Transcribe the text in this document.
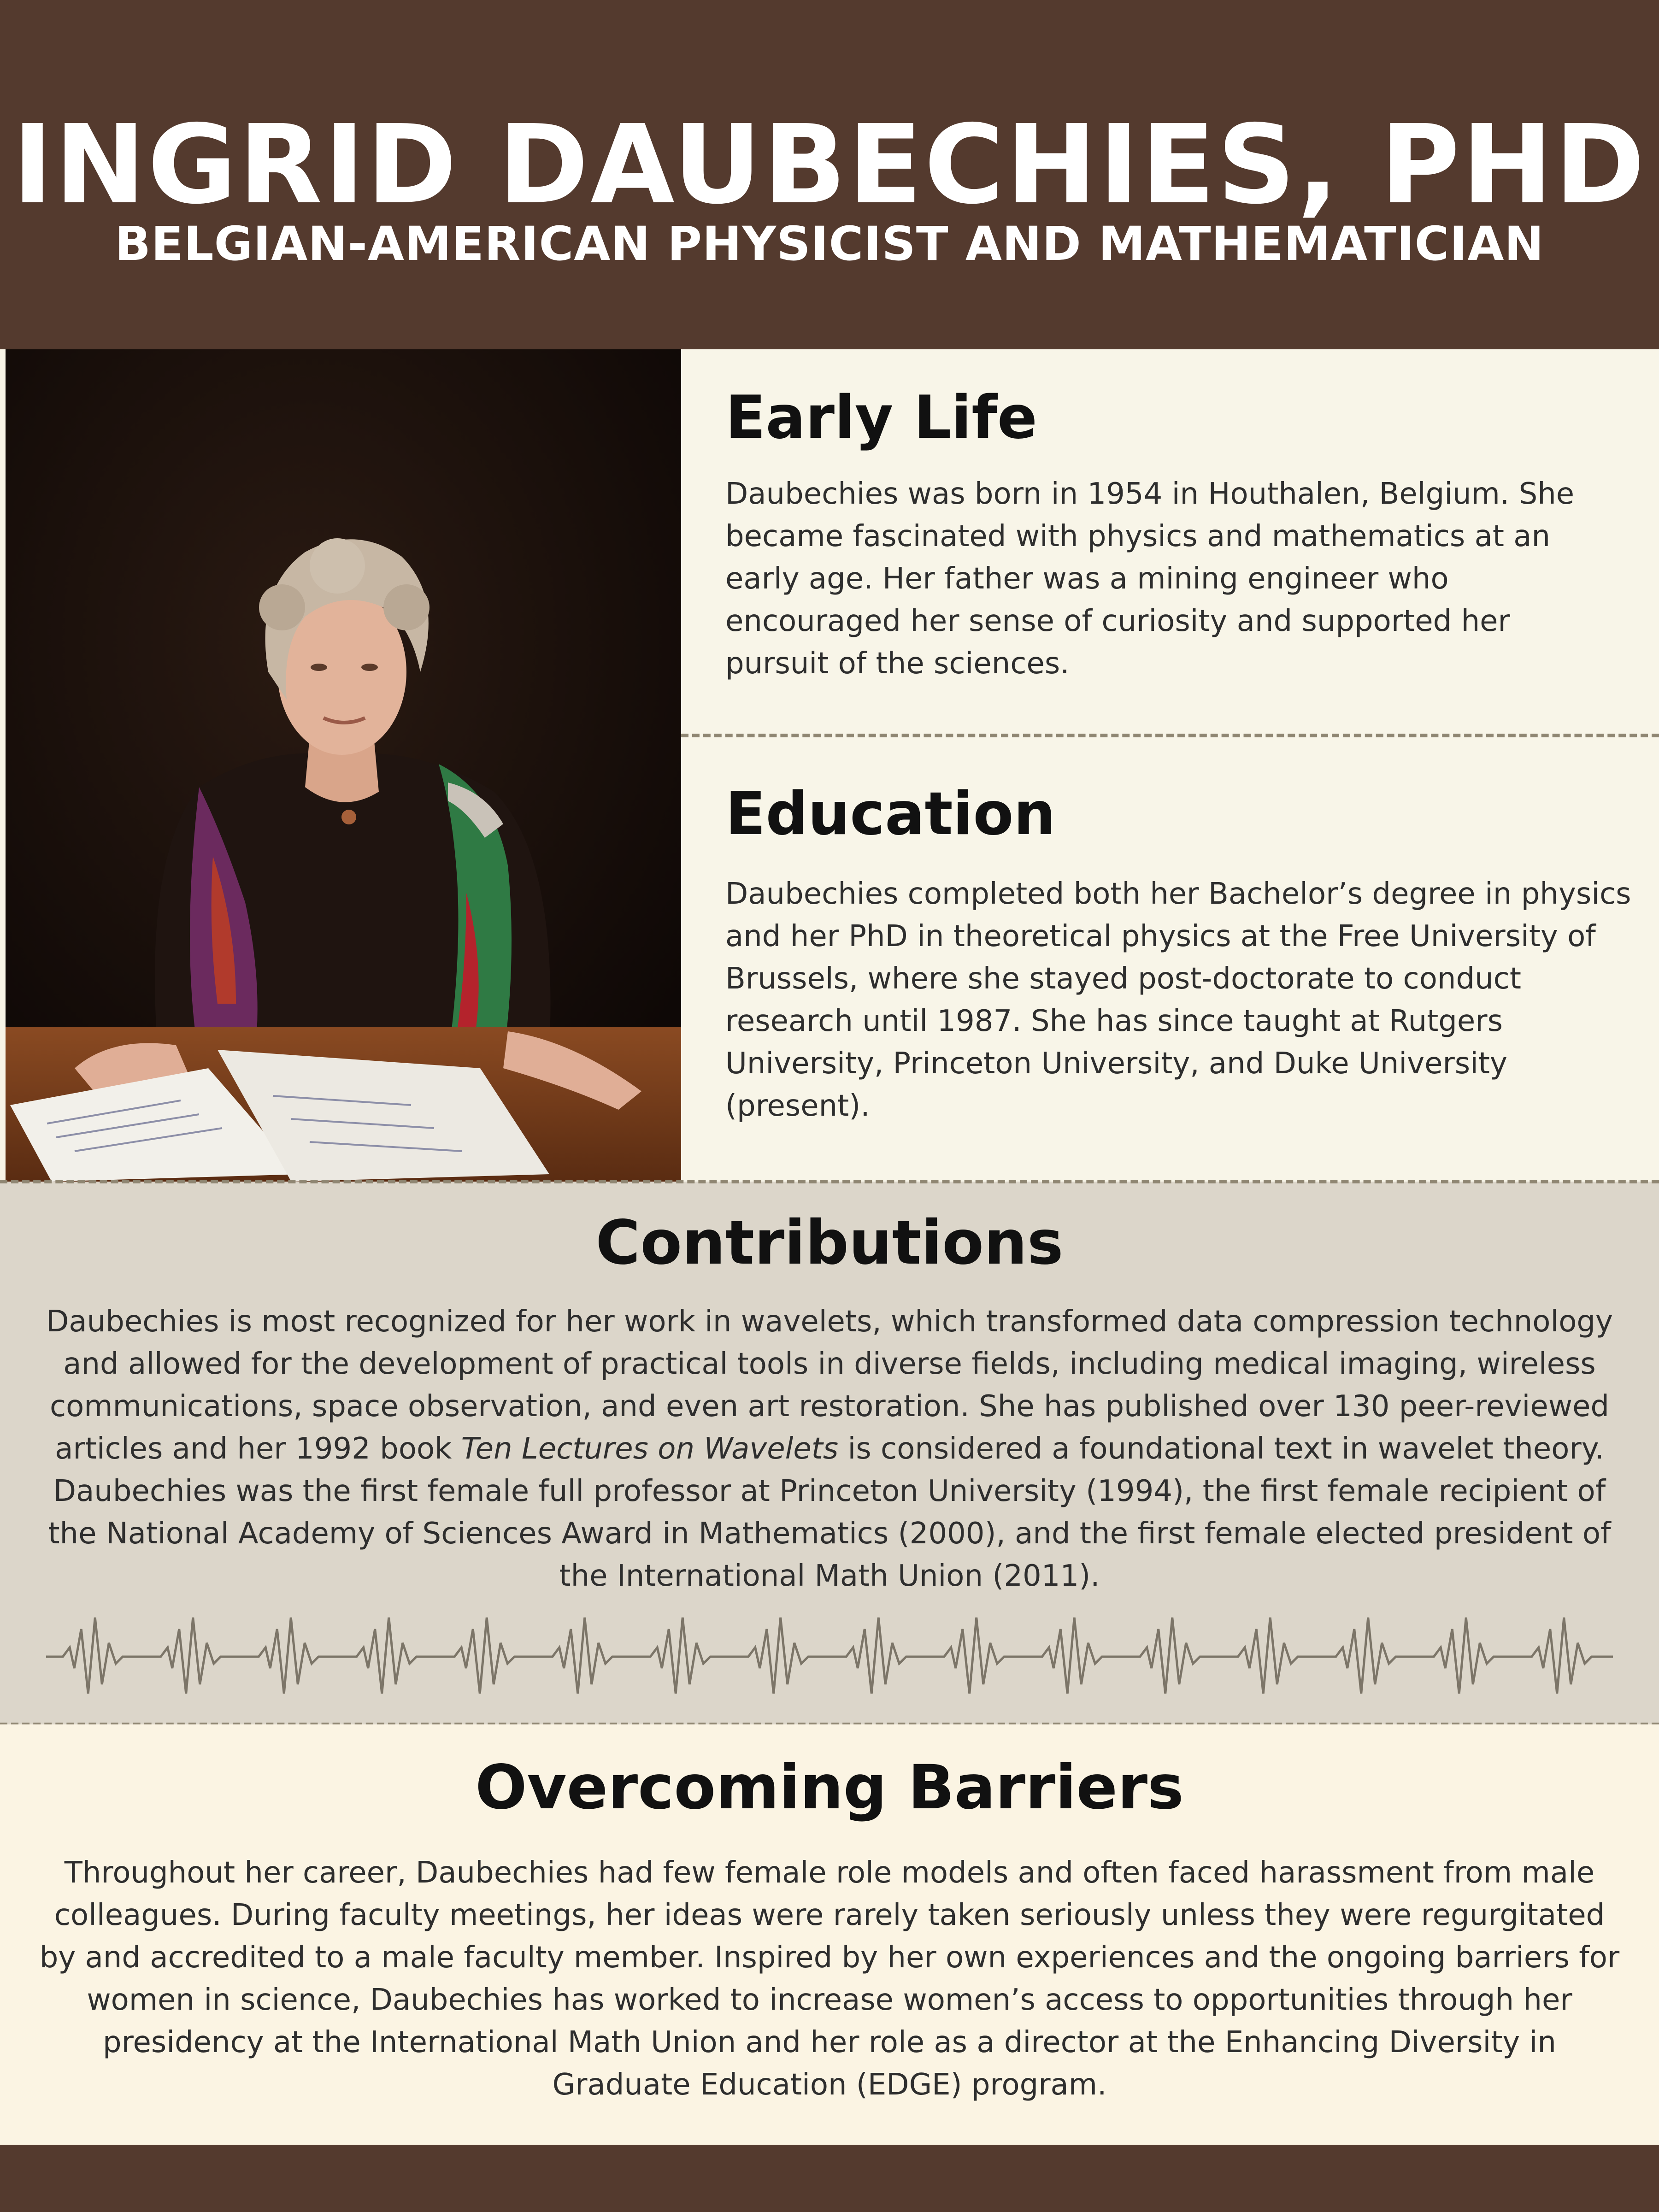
INGRID DAUBECHIES, PHD
BELGIAN-AMERICAN PHYSICIST AND MATHEMATICIAN
Early Life
Daubechies was born in 1954 in Houthalen, Belgium. She became fascinated with physics and mathematics at an early age. Her father was a mining engineer who encouraged her sense of curiosity and supported her pursuit of the sciences.
Education
Daubechies completed both her Bachelor’s degree in physics and her PhD in theoretical physics at the Free University of Brussels, where she stayed post-doctorate to conduct research until 1987. She has since taught at Rutgers University, Princeton University, and Duke University (present).
Contributions
Daubechies is most recognized for her work in wavelets, which transformed data compression technology and allowed for the development of practical tools in diverse fields, including medical imaging, wireless communications, space observation, and even art restoration. She has published over 130 peer-reviewed articles and her 1992 book Ten Lectures on Wavelets is considered a foundational text in wavelet theory. Daubechies was the first female full professor at Princeton University (1994), the first female recipient of the National Academy of Sciences Award in Mathematics (2000), and the first female elected president of the International Math Union (2011).
Overcoming Barriers
Throughout her career, Daubechies had few female role models and often faced harassment from male colleagues. During faculty meetings, her ideas were rarely taken seriously unless they were regurgitated by and accredited to a male faculty member. Inspired by her own experiences and the ongoing barriers for women in science, Daubechies has worked to increase women’s access to opportunities through her presidency at the International Math Union and her role as a director at the Enhancing Diversity in Graduate Education (EDGE) program.
